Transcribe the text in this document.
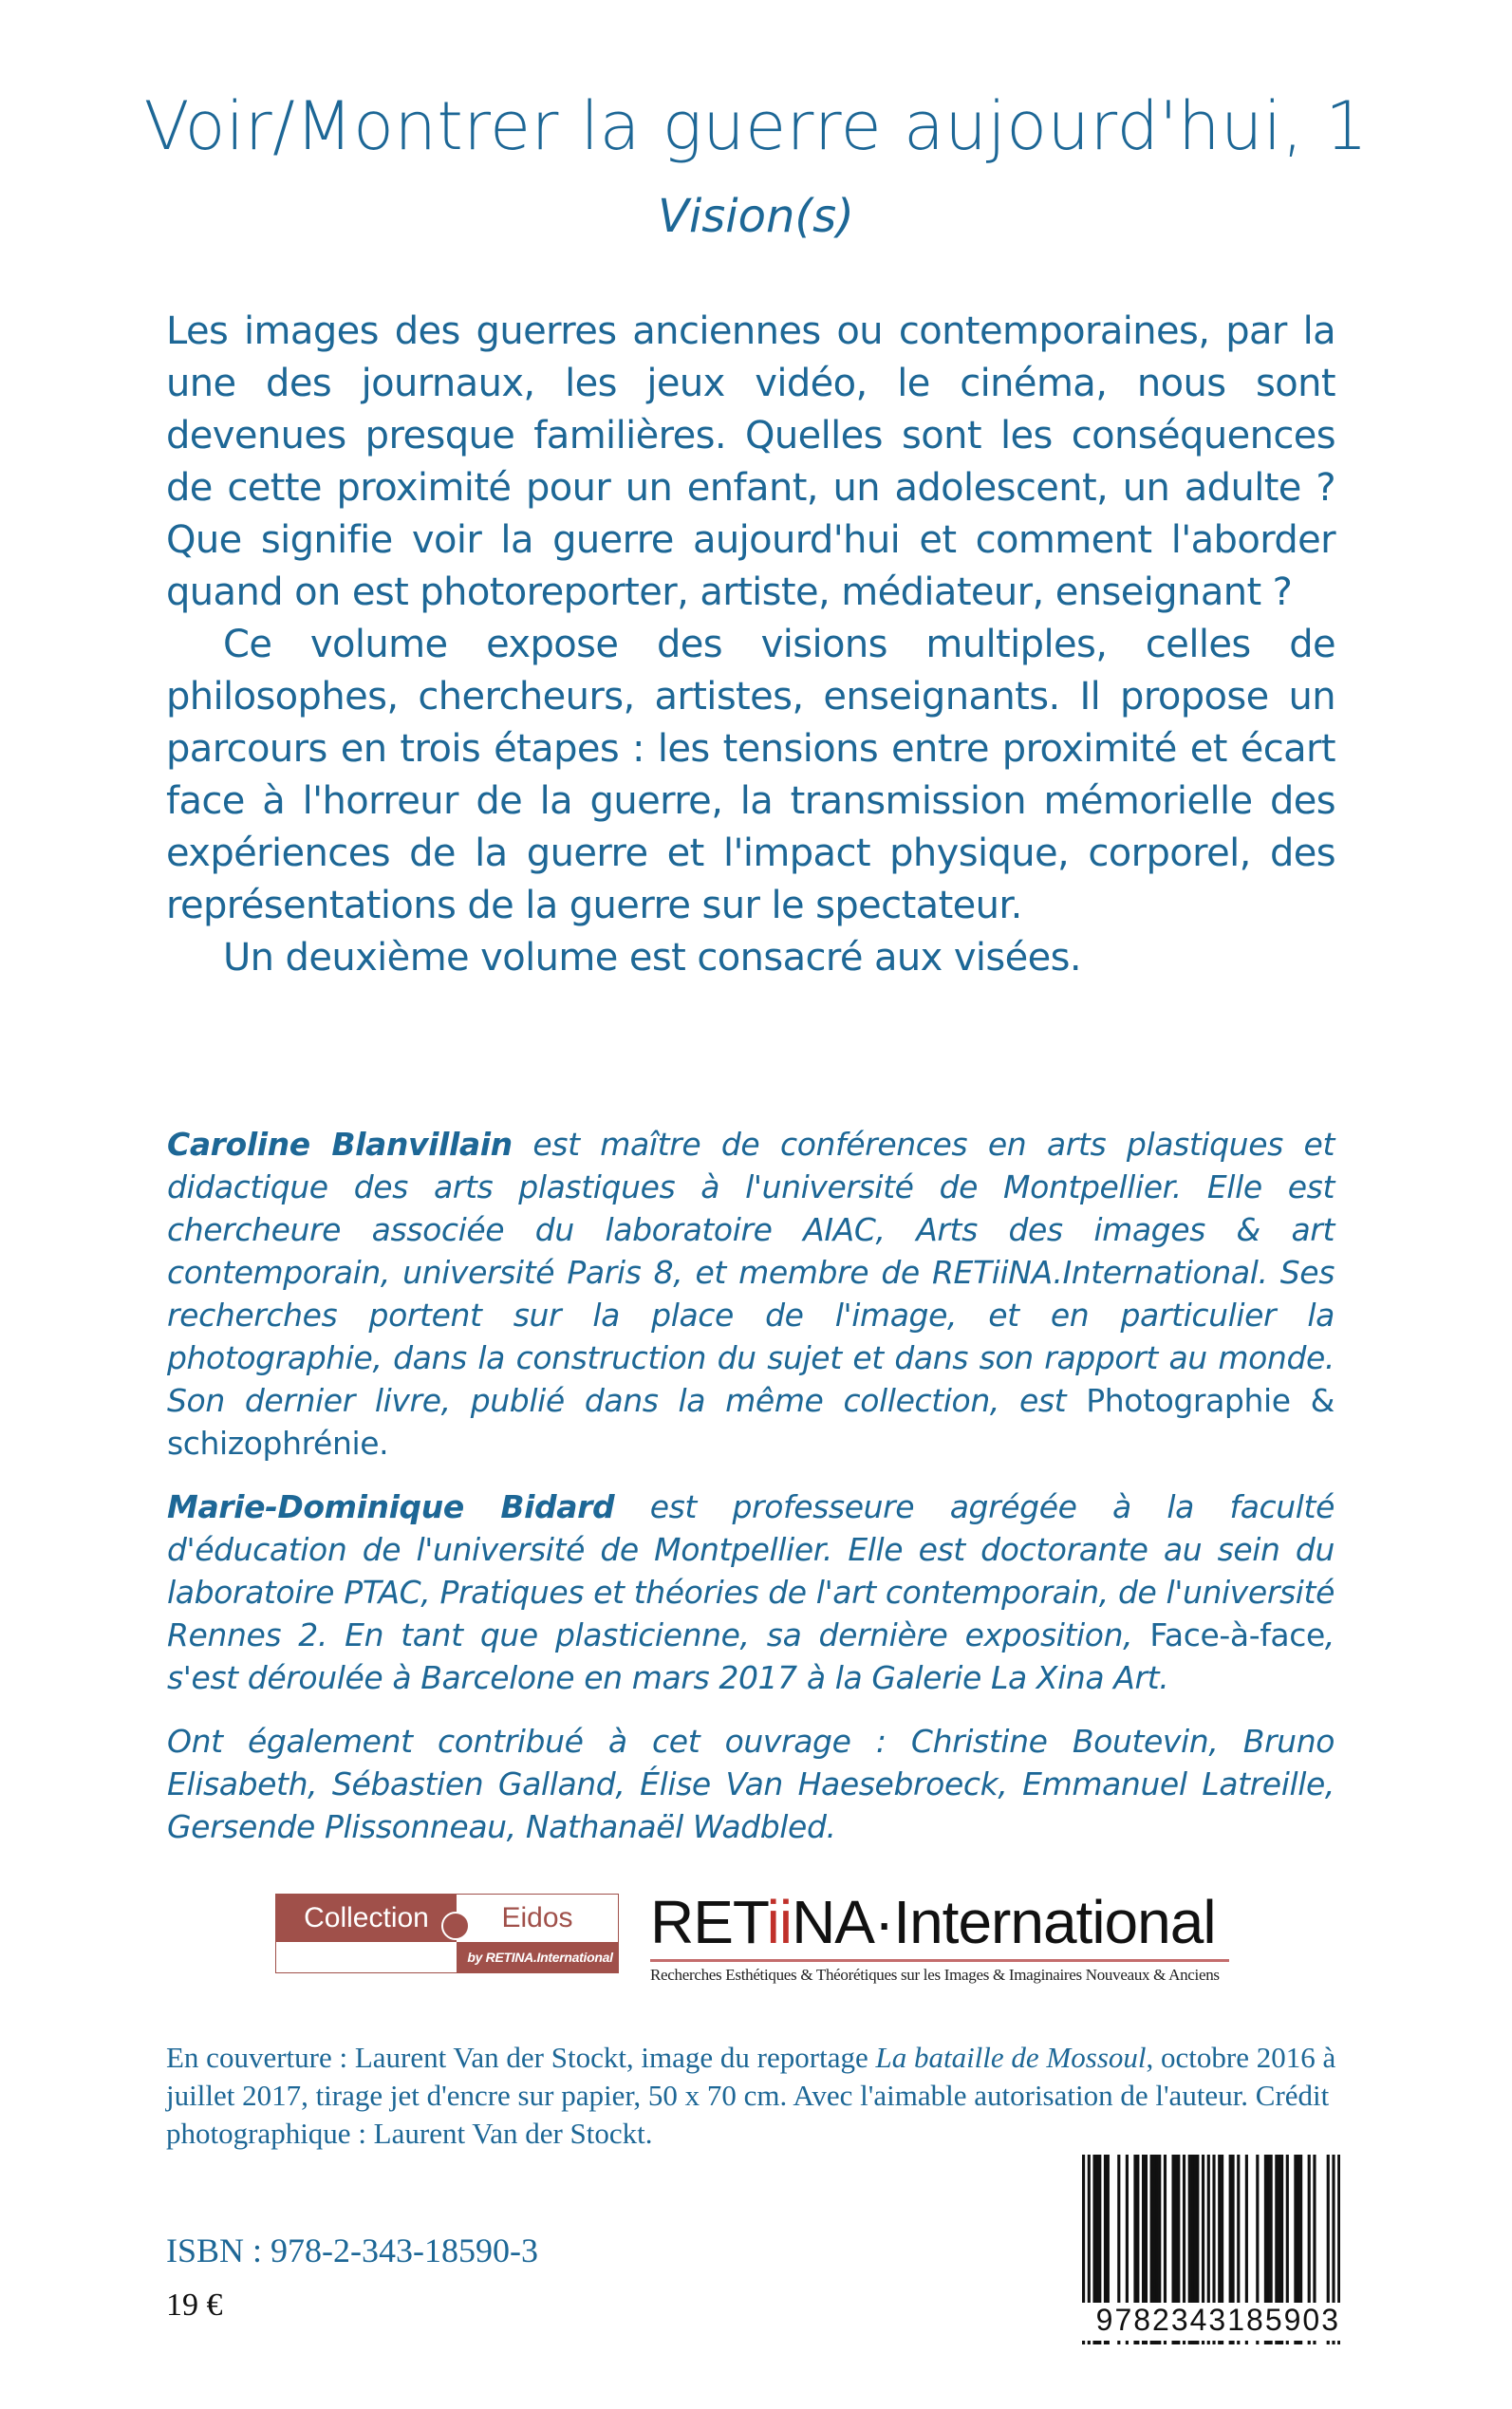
Voir/Montrer la guerre aujourd'hui, 1
Vision(s)

Les images des guerres anciennes ou contemporaines, par la une des journaux, les jeux vidéo, le cinéma, nous sont devenues presque familières. Quelles sont les conséquences de cette proximité pour un enfant, un adolescent, un adulte ? Que signifie voir la guerre aujourd'hui et comment l'aborder quand on est photoreporter, artiste, médiateur, enseignant ?

Ce volume expose des visions multiples, celles de philosophes, chercheurs, artistes, enseignants. Il propose un parcours en trois étapes : les tensions entre proximité et écart face à l'horreur de la guerre, la transmission mémorielle des expériences de la guerre et l'impact physique, corporel, des représentations de la guerre sur le spectateur.

Un deuxième volume est consacré aux visées.

Caroline Blanvillain est maître de conférences en arts plastiques et didactique des arts plastiques à l'université de Montpellier. Elle est chercheure associée du laboratoire AIAC, Arts des images & art contemporain, université Paris 8, et membre de RETiiNA.International. Ses recherches portent sur la place de l'image, et en particulier la photographie, dans la construction du sujet et dans son rapport au monde. Son dernier livre, publié dans la même collection, est Photographie & schizophrénie.

Marie-Dominique Bidard est professeure agrégée à la faculté d'éducation de l'université de Montpellier. Elle est doctorante au sein du laboratoire PTAC, Pratiques et théories de l'art contemporain, de l'université Rennes 2. En tant que plasticienne, sa dernière exposition, Face-à-face, s'est déroulée à Barcelone en mars 2017 à la Galerie La Xina Art.

Ont également contribué à cet ouvrage : Christine Boutevin, Bruno Elisabeth, Sébastien Galland, Élise Van Haesebroeck, Emmanuel Latreille, Gersende Plissonneau, Nathanaël Wadbled.

Collection	Eidos
by RETINA.International
RETiiNA·International
Recherches Esthétiques & Théorétiques sur les Images & Imaginaires Nouveaux & Anciens
En couverture : Laurent Van der Stockt, image du reportage La bataille de Mossoul, octobre 2016 à juillet 2017, tirage jet d'encre sur papier, 50 x 70 cm. Avec l'aimable autorisation de l'auteur. Crédit photographique : Laurent Van der Stockt.
ISBN : 978-2-343-18590-3
19 €	9782343185903
